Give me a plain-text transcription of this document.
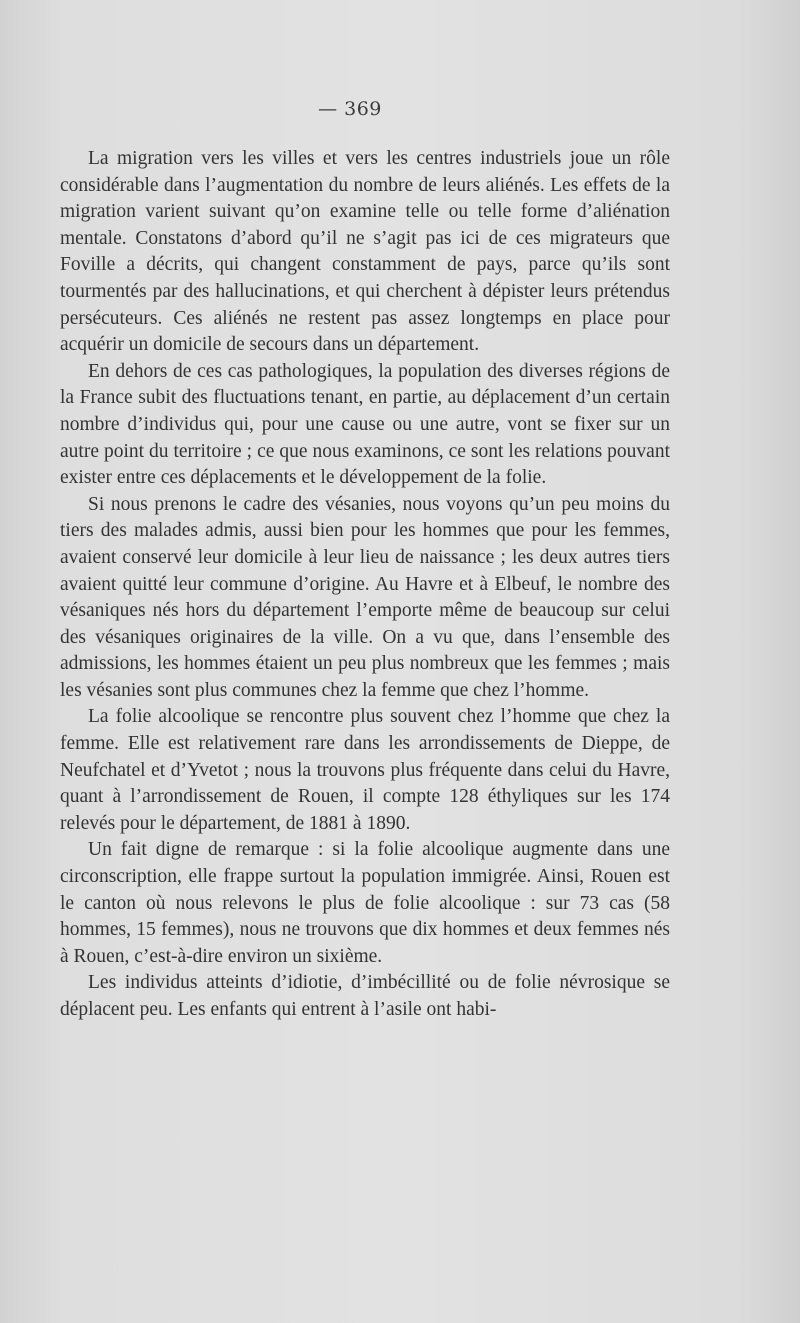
— 369

La migration vers les villes et vers les centres industriels joue un rôle considérable dans l’augmentation du nombre de leurs aliénés. Les effets de la migration varient suivant qu’on examine telle ou telle forme d’aliénation mentale. Constatons d’abord qu’il ne s’agit pas ici de ces migrateurs que Foville a décrits, qui changent constamment de pays, parce qu’ils sont tourmentés par des hallucinations, et qui cherchent à dépister leurs prétendus persécuteurs. Ces aliénés ne restent pas assez longtemps en place pour acquérir un domicile de secours dans un département.

En dehors de ces cas pathologiques, la population des diverses régions de la France subit des fluctuations tenant, en partie, au déplacement d’un certain nombre d’individus qui, pour une cause ou une autre, vont se fixer sur un autre point du territoire ; ce que nous examinons, ce sont les relations pouvant exister entre ces déplacements et le développement de la folie.

Si nous prenons le cadre des vésanies, nous voyons qu’un peu moins du tiers des malades admis, aussi bien pour les hommes que pour les femmes, avaient conservé leur domicile à leur lieu de naissance ; les deux autres tiers avaient quitté leur commune d’origine. Au Havre et à Elbeuf, le nombre des vésaniques nés hors du département l’emporte même de beaucoup sur celui des vésaniques originaires de la ville. On a vu que, dans l’ensemble des admissions, les hommes étaient un peu plus nombreux que les femmes ; mais les vésanies sont plus communes chez la femme que chez l’homme.

La folie alcoolique se rencontre plus souvent chez l’homme que chez la femme. Elle est relativement rare dans les arrondissements de Dieppe, de Neufchatel et d’Yvetot ; nous la trouvons plus fréquente dans celui du Havre, quant à l’arrondissement de Rouen, il compte 128 éthyliques sur les 174 relevés pour le département, de 1881 à 1890.

Un fait digne de remarque : si la folie alcoolique augmente dans une circonscription, elle frappe surtout la population immigrée. Ainsi, Rouen est le canton où nous relevons le plus de folie alcoolique : sur 73 cas (58 hommes, 15 femmes), nous ne trouvons que dix hommes et deux femmes nés à Rouen, c’est-à-dire environ un sixième.

Les individus atteints d’idiotie, d’imbécillité ou de folie névrosique se déplacent peu. Les enfants qui entrent à l’asile ont habi-
